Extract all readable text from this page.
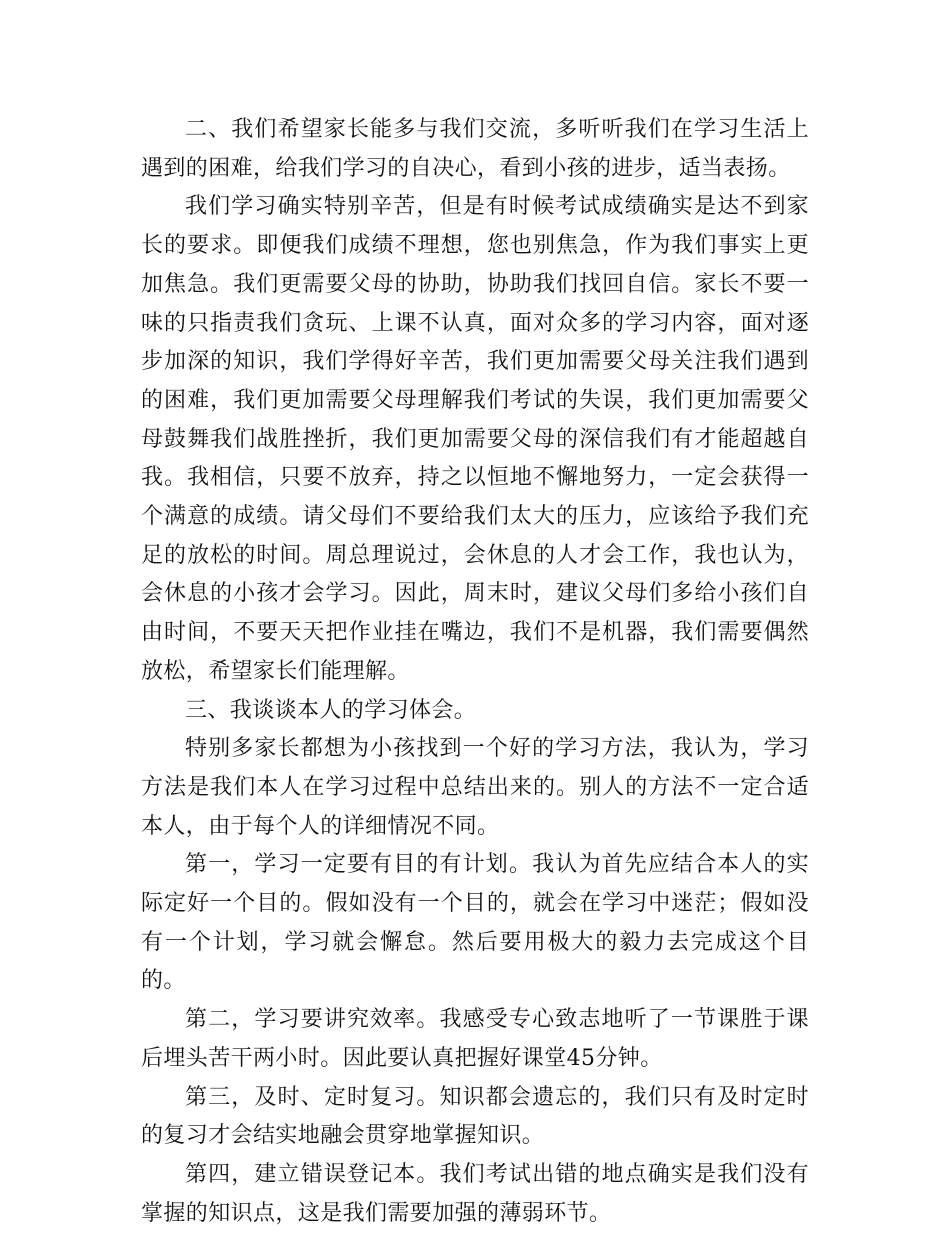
二、我们希望家长能多与我们交流，多听听我们在学习生活上遇到的困难，给我们学习的自决心，看到小孩的进步，适当表扬。

我们学习确实特别辛苦，但是有时候考试成绩确实是达不到家长的要求。即便我们成绩不理想，您也别焦急，作为我们事实上更加焦急。我们更需要父母的协助，协助我们找回自信。家长不要一味的只指责我们贪玩、上课不认真，面对众多的学习内容，面对逐步加深的知识，我们学得好辛苦，我们更加需要父母关注我们遇到的困难，我们更加需要父母理解我们考试的失误，我们更加需要父母鼓舞我们战胜挫折，我们更加需要父母的深信我们有才能超越自我。我相信，只要不放弃，持之以恒地不懈地努力，一定会获得一个满意的成绩。请父母们不要给我们太大的压力，应该给予我们充足的放松的时间。周总理说过，会休息的人才会工作，我也认为，会休息的小孩才会学习。因此，周末时，建议父母们多给小孩们自由时间，不要天天把作业挂在嘴边，我们不是机器，我们需要偶然放松，希望家长们能理解。

三、我谈谈本人的学习体会。

特别多家长都想为小孩找到一个好的学习方法，我认为，学习方法是我们本人在学习过程中总结出来的。别人的方法不一定合适本人，由于每个人的详细情况不同。

第一，学习一定要有目的有计划。我认为首先应结合本人的实际定好一个目的。假如没有一个目的，就会在学习中迷茫；假如没有一个计划，学习就会懈怠。然后要用极大的毅力去完成这个目的。

第二，学习要讲究效率。我感受专心致志地听了一节课胜于课后埋头苦干两小时。因此要认真把握好课堂45分钟。

第三，及时、定时复习。知识都会遗忘的，我们只有及时定时的复习才会结实地融会贯穿地掌握知识。

第四，建立错误登记本。我们考试出错的地点确实是我们没有掌握的知识点，这是我们需要加强的薄弱环节。
